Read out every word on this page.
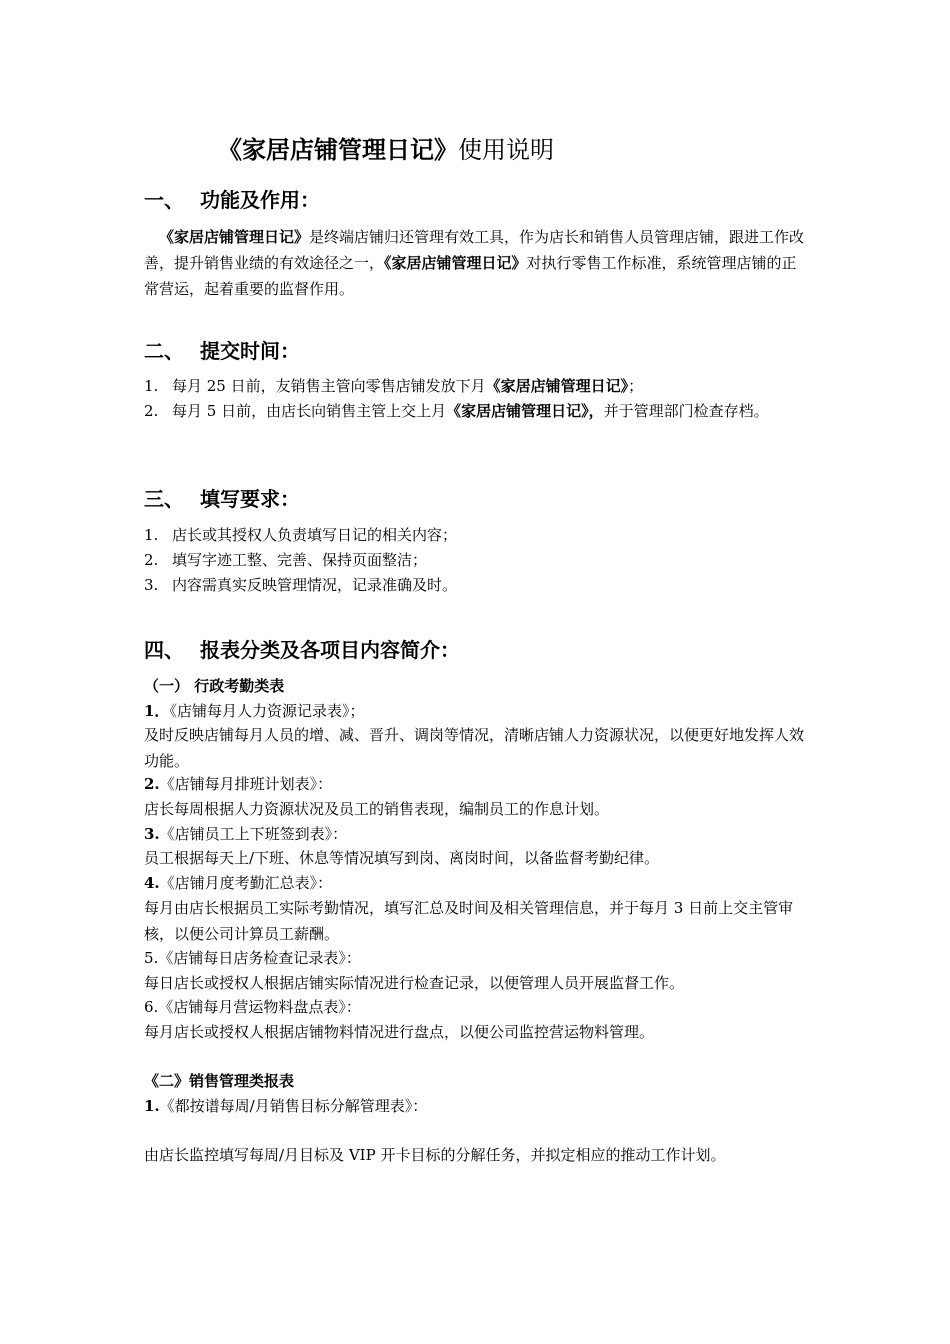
《家居店铺管理日记》使用说明
一、 功能及作用：
《家居店铺管理日记》是终端店铺归还管理有效工具，作为店长和销售人员管理店铺，跟进工作改善，提升销售业绩的有效途径之一，《家居店铺管理日记》对执行零售工作标准，系统管理店铺的正常营运，起着重要的监督作用。
二、 提交时间：
1. 每月 25 日前，友销售主管向零售店铺发放下月《家居店铺管理日记》；
2. 每月 5 日前，由店长向销售主管上交上月《家居店铺管理日记》，并于管理部门检查存档。
三、 填写要求：
1. 店长或其授权人负责填写日记的相关内容；
2. 填写字迹工整、完善、保持页面整洁；
3. 内容需真实反映管理情况，记录准确及时。
四、 报表分类及各项目内容简介：
（一） 行政考勤类表
1．《店铺每月人力资源记录表》；
及时反映店铺每月人员的增、减、晋升、调岗等情况，清晰店铺人力资源状况，以便更好地发挥人效功能。
2.《店铺每月排班计划表》：
店长每周根据人力资源状况及员工的销售表现，编制员工的作息计划。
3.《店铺员工上下班签到表》：
员工根据每天上/下班、休息等情况填写到岗、离岗时间，以备监督考勤纪律。
4.《店铺月度考勤汇总表》：
每月由店长根据员工实际考勤情况，填写汇总及时间及相关管理信息，并于每月 3 日前上交主管审核，以便公司计算员工薪酬。
5.《店铺每日店务检查记录表》：
每日店长或授权人根据店铺实际情况进行检查记录，以便管理人员开展监督工作。
6.《店铺每月营运物料盘点表》：
每月店长或授权人根据店铺物料情况进行盘点，以便公司监控营运物料管理。
《二》销售管理类报表
1.《都按谱每周/月销售目标分解管理表》：
由店长监控填写每周/月目标及 VIP 开卡目标的分解任务，并拟定相应的推动工作计划。
